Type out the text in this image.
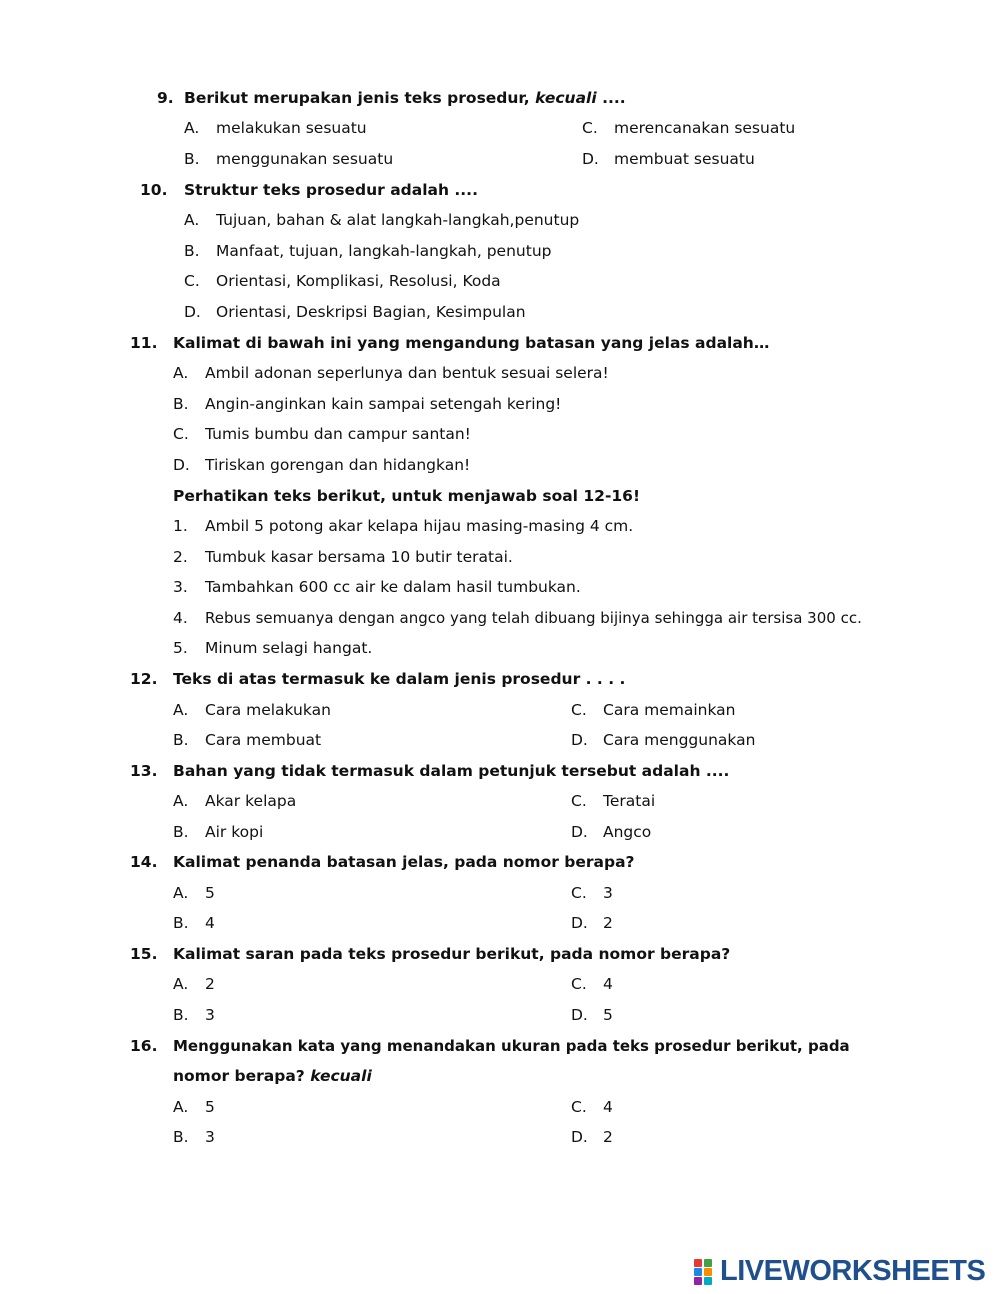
9. Berikut merupakan jenis teks prosedur, kecuali ....
A. melakukan sesuatu	C. merencanakan sesuatu
B. menggunakan sesuatu	D. membuat sesuatu
10. Struktur teks prosedur adalah ....
A. Tujuan, bahan & alat langkah-langkah,penutup
B. Manfaat, tujuan, langkah-langkah, penutup
C. Orientasi, Komplikasi, Resolusi, Koda
D. Orientasi, Deskripsi Bagian, Kesimpulan
11. Kalimat di bawah ini yang mengandung batasan yang jelas adalah…
A. Ambil adonan seperlunya dan bentuk sesuai selera!
B. Angin-anginkan kain sampai setengah kering!
C. Tumis bumbu dan campur santan!
D. Tiriskan gorengan dan hidangkan!
Perhatikan teks berikut, untuk menjawab soal 12-16!
1. Ambil 5 potong akar kelapa hijau masing-masing 4 cm.
2. Tumbuk kasar bersama 10 butir teratai.
3. Tambahkan 600 cc air ke dalam hasil tumbukan.
4. Rebus semuanya dengan angco yang telah dibuang bijinya sehingga air tersisa 300 cc.
5. Minum selagi hangat.
12. Teks di atas termasuk ke dalam jenis prosedur . . . .
A. Cara melakukan	C. Cara memainkan
B. Cara membuat	D. Cara menggunakan
13. Bahan yang tidak termasuk dalam petunjuk tersebut adalah ....
A. Akar kelapa	C. Teratai
B. Air kopi	D. Angco
14. Kalimat penanda batasan jelas, pada nomor berapa?
A. 5	C. 3
B. 4	D. 2
15. Kalimat saran pada teks prosedur berikut, pada nomor berapa?
A. 2	C. 4
B. 3	D. 5
16. Menggunakan kata yang menandakan ukuran pada teks prosedur berikut, pada
nomor berapa? kecuali
A. 5	C. 4
B. 3	D. 2
LIVEWORKSHEETS
